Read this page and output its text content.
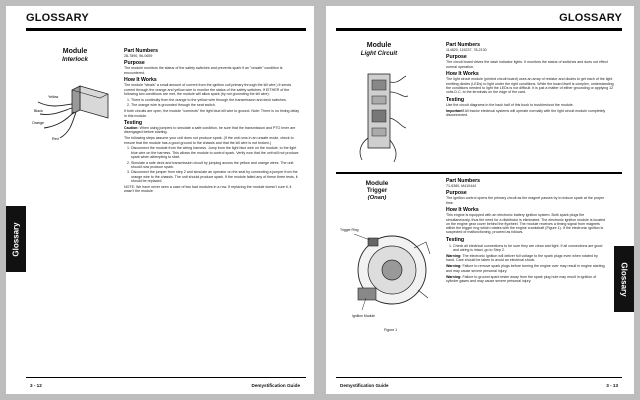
GLOSSARY
Module
Interlock
Yellow
Black
Orange
Red
Part Numbers

28-7890, 96-0659

Purpose

The module monitors the status of the safety switches and prevents spark if an "unsafe" condition is encountered.

How It Works

The module "steals" a small amount of current from the ignition coil primary through the kill wire.) It sends current through the orange and yellow wire to monitor the status of the safety switches. If EITHER of the following two conditions are met, the module will allow spark (by not grounding the kill wire):

1. There is continuity from the orange to the yellow wire through the transmission and deck switches.
2. The orange wire is grounded through the seat switch.

If both circuits are open, the module "connects" the light blue kill wire to ground. Note: There is no timing delay in this module.

Testing

Caution: When using jumpers to simulate a safe condition, be sure that the transmission and PTO lever are disengaged before starting.

The following steps assume your unit does not produce spark. (If the unit runs in an unsafe mode, check to ensure that the module has a good ground to the chassis and that the kill wire is not broken.)

1. Disconnect the module from the wiring harness. Jump from the light blue wire on the module, to the light blue wire on the harness. This allows the module to control spark. Verify now that the unit will not produce spark when attempting to start.
2. Simulate a safe deck and transmission circuit by jumping across the yellow and orange wires. The unit should now produce spark.
3. Disconnect the jumper from step 2 and simulate an operator on the seat by connecting a jumper from the orange wire to the chassis. The unit should produce spark. If the module failed any of these three tests, it should be replaced.

NOTE: We have never seen a case of two bad modules in a row. If replacing the module doesn't cure it, it wasn't the module.

Glossary
3 - 12	Demystification Guide
GLOSSARY
Module
Light Circuit
Part Numbers

114820, 115237, 78-2130

Purpose

The circuit board drives the dash indicator lights. It monitors the status of switches and does not effect normal operation.

How It Works

The light circuit module (printed circuit board) uses an array of resistor and diodes to get each of the light emitting diodes (LEDs) to light under the right conditions. While the board itself is complex, understanding the conditions needed to light the LEDs is not difficult. It is just a matter of either grounding or applying 12 volts D.C. to the terminals on the edge of the card.

Testing

Use the circuit diagrams in the back half of this book to troubleshoot the module.

Important! All tractor electrical systems will operate normally with the light circuit module completely disconnected.

Module
Trigger
(Onan)
Trigger Ring
Ignition Module
Figure 1
Part Numbers

71-6380, M410444

Purpose

The ignition control opens the primary circuit as the magnet passes by to induce spark at the proper time.

How It Works

This engine is equipped with an electronic battery ignition system. Both spark plugs fire simultaneously, thus the need for a distributor is eliminated. The electronic ignition module is located on the engine gear cover behind the flywheel. The module receives a timing signal from magnets within the trigger ring which rotates with the engine crankshaft (Figure 1). If the electronic ignition is suspected of malfunctioning, proceed as follows.

Testing
1. Check all electrical connections to be sure they are clean and tight. If all connections are good and wiring is intact, go to Step 2.

Warning: The electronic ignition will deliver full voltage to the spark plugs even when rotated by hand. Care should be taken to avoid an electrical shock.

Warning: Failure to remove spark plugs before turning the engine over may result in engine starting and may cause severe personal injury.

Warning: Failure to ground spark tester away from the spark plug hole may result in ignition of cylinder gases and may cause severe personal injury.	Glossary
Demystification Guide	3 - 13
